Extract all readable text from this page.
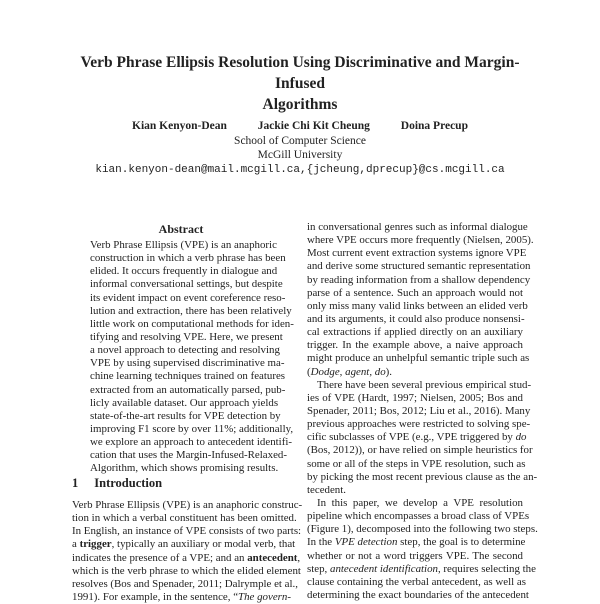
Verb Phrase Ellipsis Resolution Using Discriminative and Margin-Infused
Algorithms
Kian Kenyon-Dean	Jackie Chi Kit Cheung	Doina Precup
School of Computer Science
McGill University
kian.kenyon-dean@mail.mcgill.ca,{jcheung,dprecup}@cs.mcgill.ca
Abstract
Verb Phrase Ellipsis (VPE) is an anaphoric
construction in which a verb phrase has been
elided. It occurs frequently in dialogue and
informal conversational settings, but despite
its evident impact on event coreference reso-
lution and extraction, there has been relatively
little work on computational methods for iden-
tifying and resolving VPE. Here, we present
a novel approach to detecting and resolving
VPE by using supervised discriminative ma-
chine learning techniques trained on features
extracted from an automatically parsed, pub-
licly available dataset. Our approach yields
state-of-the-art results for VPE detection by
improving F1 score by over 11%; additionally,
we explore an approach to antecedent identifi-
cation that uses the Margin-Infused-Relaxed-
Algorithm, which shows promising results.
1 Introduction
Verb Phrase Ellipsis (VPE) is an anaphoric construc-
tion in which a verbal constituent has been omitted.
In English, an instance of VPE consists of two parts:
a trigger, typically an auxiliary or modal verb, that
indicates the presence of a VPE; and an antecedent,
which is the verb phrase to which the elided element
resolves (Bos and Spenader, 2011; Dalrymple et al.,
1991). For example, in the sentence, “The govern-
in conversational genres such as informal dialogue
where VPE occurs more frequently (Nielsen, 2005).
Most current event extraction systems ignore VPE
and derive some structured semantic representation
by reading information from a shallow dependency
parse of a sentence. Such an approach would not
only miss many valid links between an elided verb
and its arguments, it could also produce nonsensi-
cal extractions if applied directly on an auxiliary
trigger. In the example above, a naive approach
might produce an unhelpful semantic triple such as
(Dodge, agent, do).
There have been several previous empirical stud-
ies of VPE (Hardt, 1997; Nielsen, 2005; Bos and
Spenader, 2011; Bos, 2012; Liu et al., 2016). Many
previous approaches were restricted to solving spe-
cific subclasses of VPE (e.g., VPE triggered by do
(Bos, 2012)), or have relied on simple heuristics for
some or all of the steps in VPE resolution, such as
by picking the most recent previous clause as the an-
tecedent.
In this paper, we develop a VPE resolution
pipeline which encompasses a broad class of VPEs
(Figure 1), decomposed into the following two steps.
In the VPE detection step, the goal is to determine
whether or not a word triggers VPE. The second
step, antecedent identification, requires selecting the
clause containing the verbal antecedent, as well as
determining the exact boundaries of the antecedent
